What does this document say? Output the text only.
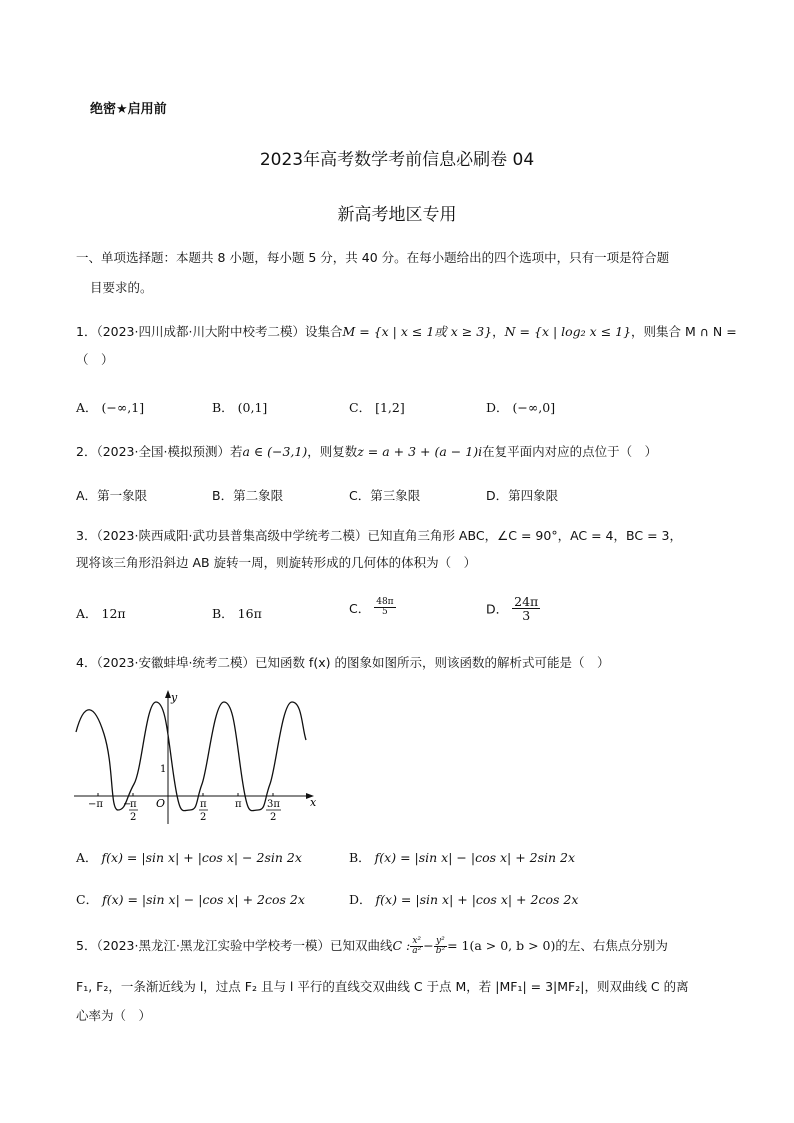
绝密★启用前
2023年高考数学考前信息必刷卷 04
新高考地区专用
一、单项选择题：本题共 8 小题，每小题 5 分，共 40 分。在每小题给出的四个选项中，只有一项是符合题
目要求的。
1．（2023·四川成都·川大附中校考二模）设集合M = {x | x ≤ 1或 x ≥ 3}，N = {x | log₂ x ≤ 1}，则集合 M ∩ N =
（　）
A． (−∞,1]	B． (0,1]	C． [1,2]	D． (−∞,0]
2．（2023·全国·模拟预测）若a ∈ (−3,1)，则复数z = a + 3 + (a − 1)i在复平面内对应的点位于（　）
A．第一象限	B．第二象限	C．第三象限	D．第四象限
3．（2023·陕西咸阳·武功县普集高级中学统考二模）已知直角三角形 ABC，∠C = 90°，AC = 4，BC = 3，
现将该三角形沿斜边 AB 旋转一周，则旋转形成的几何体的体积为（　）
A． 12π	B． 16π	C． $\frac{48\pi}{5}$	D． $\frac{24\pi}{3}$
4．（2023·安徽蚌埠·统考二模）已知函数 f(x) 的图象如图所示，则该函数的解析式可能是（　）
y
x
O
1
−π −
π
2
π
2
π	3π
2
A． f(x) = |sin x| + |cos x| − 2sin 2x	B． f(x) = |sin x| − |cos x| + 2sin 2x
C． f(x) = |sin x| − |cos x| + 2cos 2x	D． f(x) = |sin x| + |cos x| + 2cos 2x
5．（2023·黑龙江·黑龙江实验中学校考一模）已知双曲线C : $\frac{\text{x²}}{\text{a²}} - \frac{\text{y²}}{\text{b²}} = 1(a > 0$, b > 0)的左、右焦点分别为
F₁, F₂，一条渐近线为 l，过点 F₂ 且与 l 平行的直线交双曲线 C 于点 M，若 |MF₁| = 3|MF₂|，则双曲线 C 的离
心率为（　）
